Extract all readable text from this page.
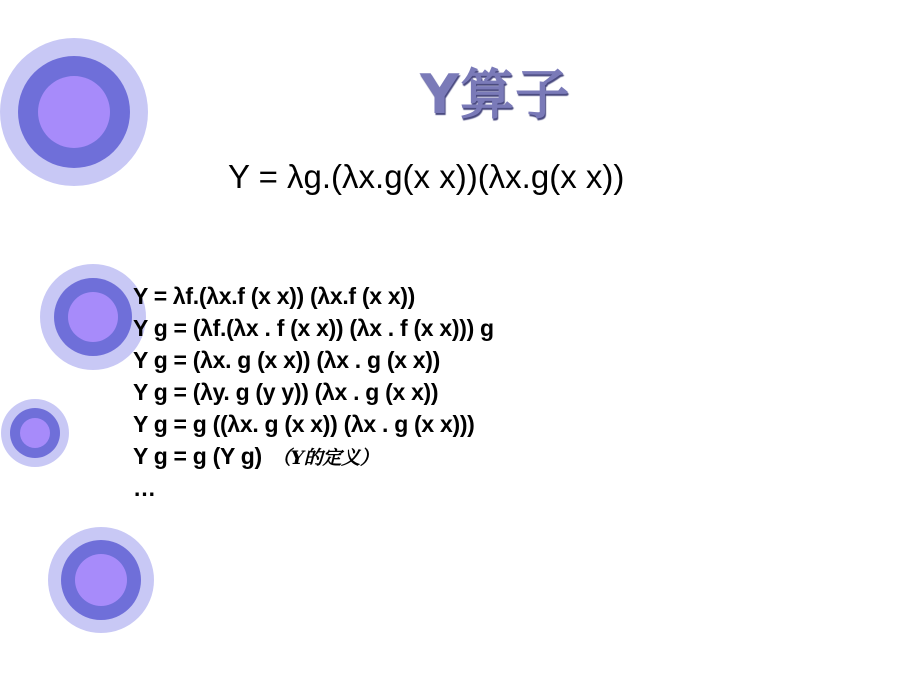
Y算子
Y = λg.(λx.g(x x))(λx.g(x x))
Y = λf.(λx.f (x x)) (λx.f (x x))
Y g = (λf.(λx . f (x x)) (λx . f (x x))) g
Y g = (λx. g (x x)) (λx . g (x x))
Y g = (λy. g (y y)) (λx . g (x x))
Y g = g ((λx. g (x x)) (λx . g (x x)))
Y g = g (Y g) （Y的定义）
…
